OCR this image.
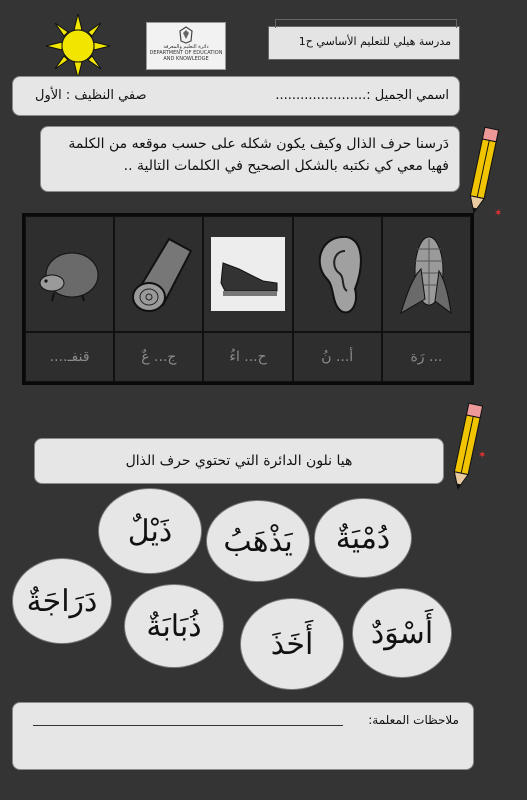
دائرة التعليم والمعرفة
DEPARTMENT OF EDUCATION
AND KNOWLEDGE
مدرسة هيلي للتعليم الأساسي ح1
اسمي الجميل :......................
صفي النظيف : الأول
✶
دَرسنا حرف الذال وكيف يكون شكله على حسب موقعه من الكلمة فهيا معي كي نكتبه بالشكل الصحيح في الكلمات التالية ..
... رَة
أ... نُ
ح... اءُ
ج... عٌ
قنفـ....
✶
هيا نلون الدائرة التي تحتوي حرف الذال
دُمْيَةٌ
يَذْهَبُ
ذَيْلٌ
دَرَاجَةٌ
ذُبَابَةٌ
أَخَذَ أَسْوَدٌ
ملاحظات المعلمة:
